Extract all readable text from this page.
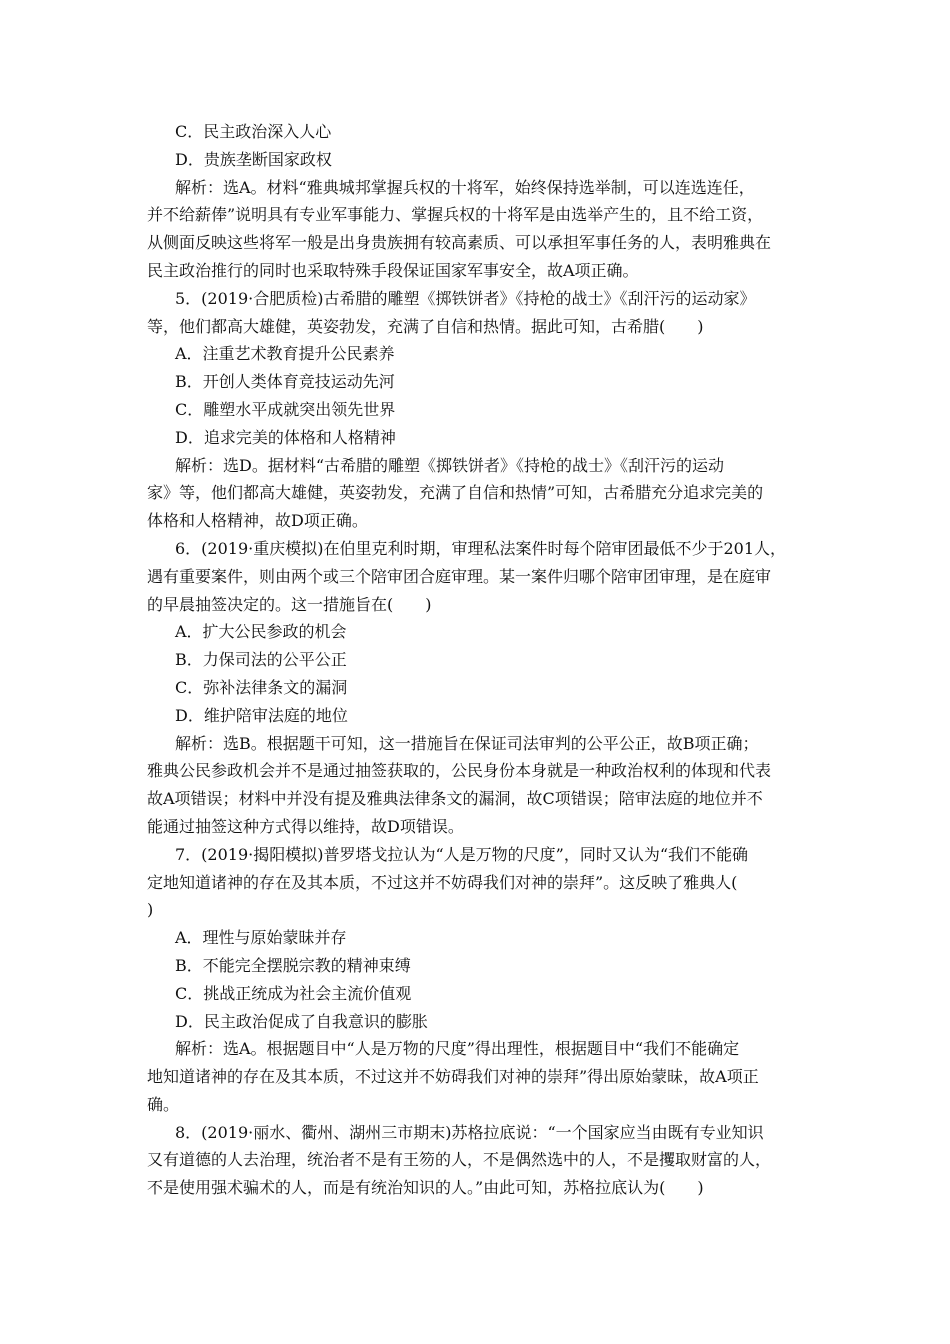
C．民主政治深入人心
D．贵族垄断国家政权
解析：选A。材料“雅典城邦掌握兵权的十将军，始终保持选举制，可以连选连任，
并不给薪俸”说明具有专业军事能力、掌握兵权的十将军是由选举产生的，且不给工资，
从侧面反映这些将军一般是出身贵族拥有较高素质、可以承担军事任务的人，表明雅典在
民主政治推行的同时也采取特殊手段保证国家军事安全，故A项正确。
5．(2019·合肥质检)古希腊的雕塑《掷铁饼者》《持枪的战士》《刮汗污的运动家》
等，他们都高大雄健，英姿勃发，充满了自信和热情。据此可知，古希腊(　　)
A．注重艺术教育提升公民素养
B．开创人类体育竞技运动先河
C．雕塑水平成就突出领先世界
D．追求完美的体格和人格精神
解析：选D。据材料“古希腊的雕塑《掷铁饼者》《持枪的战士》《刮汗污的运动
家》等，他们都高大雄健，英姿勃发，充满了自信和热情”可知，古希腊充分追求完美的
体格和人格精神，故D项正确。
6．(2019·重庆模拟)在伯里克利时期，审理私法案件时每个陪审团最低不少于201人，
遇有重要案件，则由两个或三个陪审团合庭审理。某一案件归哪个陪审团审理，是在庭审
的早晨抽签决定的。这一措施旨在(　　)
A．扩大公民参政的机会
B．力保司法的公平公正
C．弥补法律条文的漏洞
D．维护陪审法庭的地位
解析：选B。根据题干可知，这一措施旨在保证司法审判的公平公正，故B项正确；
雅典公民参政机会并不是通过抽签获取的，公民身份本身就是一种政治权利的体现和代表
故A项错误；材料中并没有提及雅典法律条文的漏洞，故C项错误；陪审法庭的地位并不
能通过抽签这种方式得以维持，故D项错误。
7．(2019·揭阳模拟)普罗塔戈拉认为“人是万物的尺度”，同时又认为“我们不能确
定地知道诸神的存在及其本质，不过这并不妨碍我们对神的崇拜”。这反映了雅典人(
)
A．理性与原始蒙昧并存
B．不能完全摆脱宗教的精神束缚
C．挑战正统成为社会主流价值观
D．民主政治促成了自我意识的膨胀
解析：选A。根据题目中“人是万物的尺度”得出理性，根据题目中“我们不能确定
地知道诸神的存在及其本质，不过这并不妨碍我们对神的崇拜”得出原始蒙昧，故A项正
确。
8．(2019·丽水、衢州、湖州三市期末)苏格拉底说：“一个国家应当由既有专业知识
又有道德的人去治理，统治者不是有王笏的人，不是偶然选中的人，不是攫取财富的人，
不是使用强术骗术的人，而是有统治知识的人。”由此可知，苏格拉底认为(　　)
